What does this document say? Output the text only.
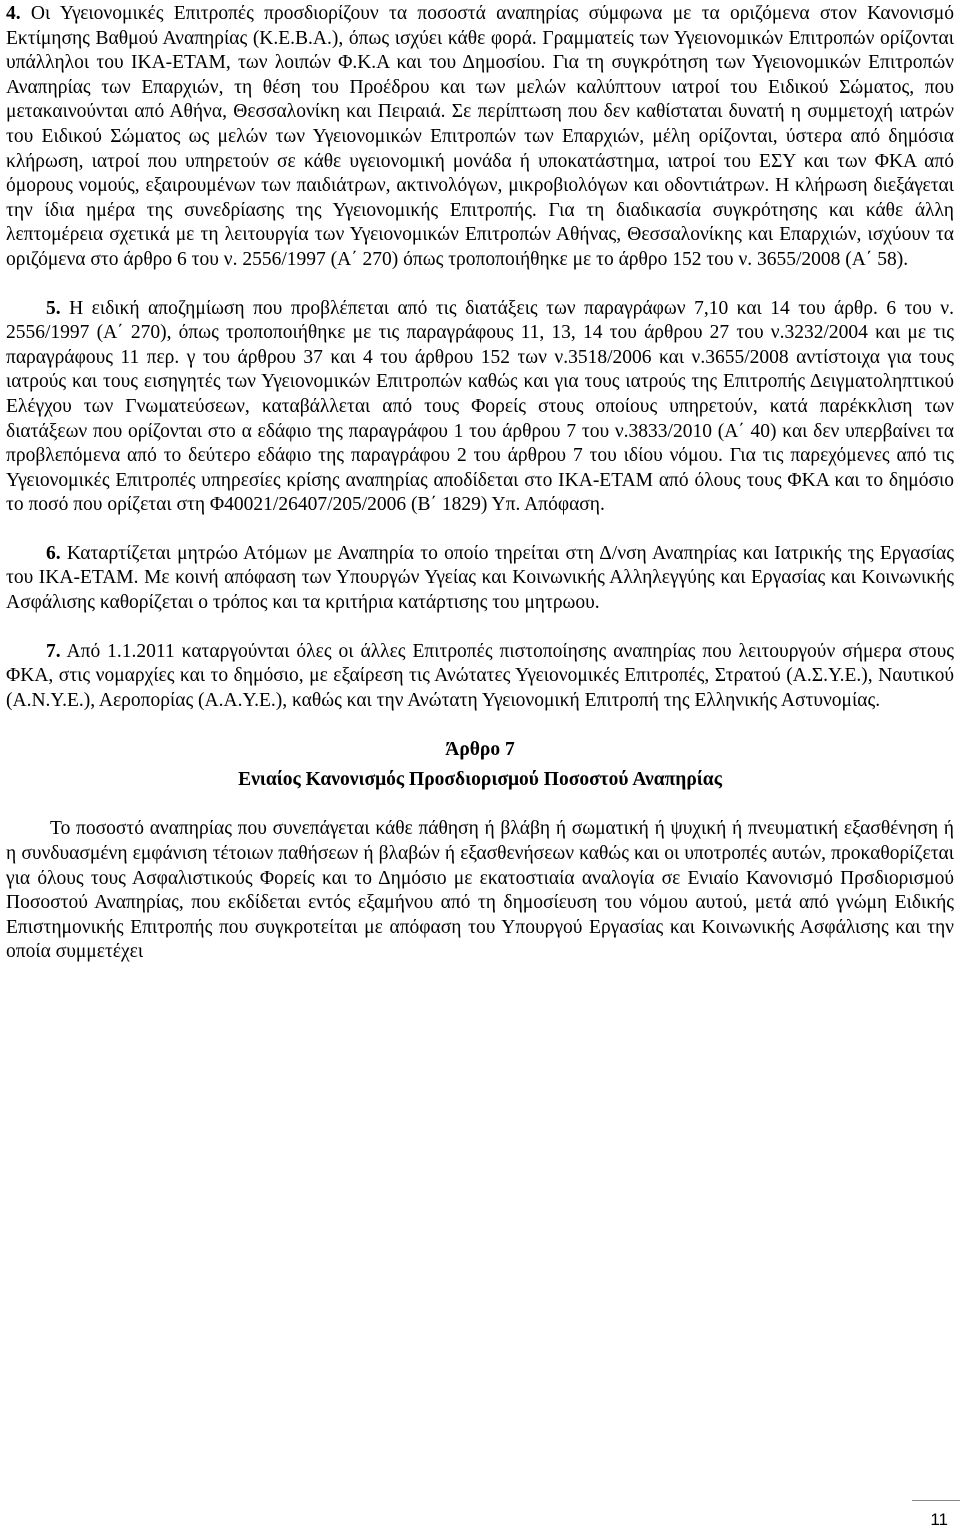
4. Οι Υγειονομικές Επιτροπές προσδιορίζουν τα ποσοστά αναπηρίας σύμφωνα με τα οριζόμενα στον Κανονισμό Εκτίμησης Βαθμού Αναπηρίας (Κ.Ε.Β.Α.), όπως ισχύει κάθε φορά. Γραμματείς των Υγειονομικών Επιτροπών ορίζονται υπάλληλοι του ΙΚΑ-ΕΤΑΜ, των λοιπών Φ.Κ.Α και του Δημοσίου. Για τη συγκρότηση των Υγειονομικών Επιτροπών Αναπηρίας των Επαρχιών, τη θέση του Προέδρου και των μελών καλύπτουν ιατροί του Ειδικού Σώματος, που μετακαινούνται από Αθήνα, Θεσσαλονίκη και Πειραιά. Σε περίπτωση που δεν καθίσταται δυνατή η συμμετοχή ιατρών του Ειδικού Σώματος ως μελών των Υγειονομικών Επιτροπών των Επαρχιών, μέλη ορίζονται, ύστερα από δημόσια κλήρωση, ιατροί που υπηρετούν σε κάθε υγειονομική μονάδα ή υποκατάστημα, ιατροί του ΕΣΥ και των ΦΚΑ από όμορους νομούς, εξαιρουμένων των παιδιάτρων, ακτινολόγων, μικροβιολόγων και οδοντιάτρων. Η κλήρωση διεξάγεται την ίδια ημέρα της συνεδρίασης της Υγειονομικής Επιτροπής. Για τη διαδικασία συγκρότησης και κάθε άλλη λεπτομέρεια σχετικά με τη λειτουργία των Υγειονομικών Επιτροπών Αθήνας, Θεσσαλονίκης και Επαρχιών, ισχύουν τα οριζόμενα στο άρθρο 6 του ν. 2556/1997 (Α΄ 270) όπως τροποποιήθηκε με το άρθρο 152 του ν. 3655/2008 (Α΄ 58).

5. Η ειδική αποζημίωση που προβλέπεται από τις διατάξεις των παραγράφων 7,10 και 14 του άρθρ. 6 του ν. 2556/1997 (Α΄ 270), όπως τροποποιήθηκε με τις παραγράφους 11, 13, 14 του άρθρου 27 του ν.3232/2004 και με τις παραγράφους 11 περ. γ του άρθρου 37 και 4 του άρθρου 152 των ν.3518/2006 και ν.3655/2008 αντίστοιχα για τους ιατρούς και τους εισηγητές των Υγειονομικών Επιτροπών καθώς και για τους ιατρούς της Επιτροπής Δειγματοληπτικού Ελέγχου των Γνωματεύσεων, καταβάλλεται από τους Φορείς στους οποίους υπηρετούν, κατά παρέκκλιση των διατάξεων που ορίζονται στο α εδάφιο της παραγράφου 1 του άρθρου 7 του ν.3833/2010 (Α΄ 40) και δεν υπερβαίνει τα προβλεπόμενα από το δεύτερο εδάφιο της παραγράφου 2 του άρθρου 7 του ιδίου νόμου. Για τις παρεχόμενες από τις Υγειονομικές Επιτροπές υπηρεσίες κρίσης αναπηρίας αποδίδεται στο ΙΚΑ-ΕΤΑΜ από όλους τους ΦΚΑ και το δημόσιο το ποσό που ορίζεται στη Φ40021/26407/205/2006 (Β΄ 1829) Υπ. Απόφαση.

6. Καταρτίζεται μητρώο Ατόμων με Αναπηρία το οποίο τηρείται στη Δ/νση Αναπηρίας και Ιατρικής της Εργασίας του ΙΚΑ-ΕΤΑΜ. Με κοινή απόφαση των Υπουργών Υγείας και Κοινωνικής Αλληλεγγύης και Εργασίας και Κοινωνικής Ασφάλισης καθορίζεται ο τρόπος και τα κριτήρια κατάρτισης του μητρωου.

7. Από 1.1.2011 καταργούνται όλες οι άλλες Επιτροπές πιστοποίησης αναπηρίας που λειτουργούν σήμερα στους ΦΚΑ, στις νομαρχίες και το δημόσιο, με εξαίρεση τις Ανώτατες Υγειονομικές Επιτροπές, Στρατού (Α.Σ.Υ.Ε.), Ναυτικού (Α.Ν.Υ.Ε.), Αεροπορίας (Α.Α.Υ.Ε.), καθώς και την Ανώτατη Υγειονομική Επιτροπή της Ελληνικής Αστυνομίας.

Άρθρο 7

Ενιαίος Κανονισμός Προσδιορισμού Ποσοστού Αναπηρίας

Το ποσοστό αναπηρίας που συνεπάγεται κάθε πάθηση ή βλάβη ή σωματική ή ψυχική ή πνευματική εξασθένηση ή η συνδυασμένη εμφάνιση τέτοιων παθήσεων ή βλαβών ή εξασθενήσεων καθώς και οι υποτροπές αυτών, προκαθορίζεται για όλους τους Ασφαλιστικούς Φορείς και το Δημόσιο με εκατοστιαία αναλογία σε Ενιαίο Κανονισμό Πρσδιορισμού Ποσοστού Αναπηρίας, που εκδίδεται εντός εξαμήνου από τη δημοσίευση του νόμου αυτού, μετά από γνώμη Ειδικής Επιστημονικής Επιτροπής που συγκροτείται με απόφαση του Υπουργού Εργασίας και Κοινωνικής Ασφάλισης και την οποία συμμετέχει

11
